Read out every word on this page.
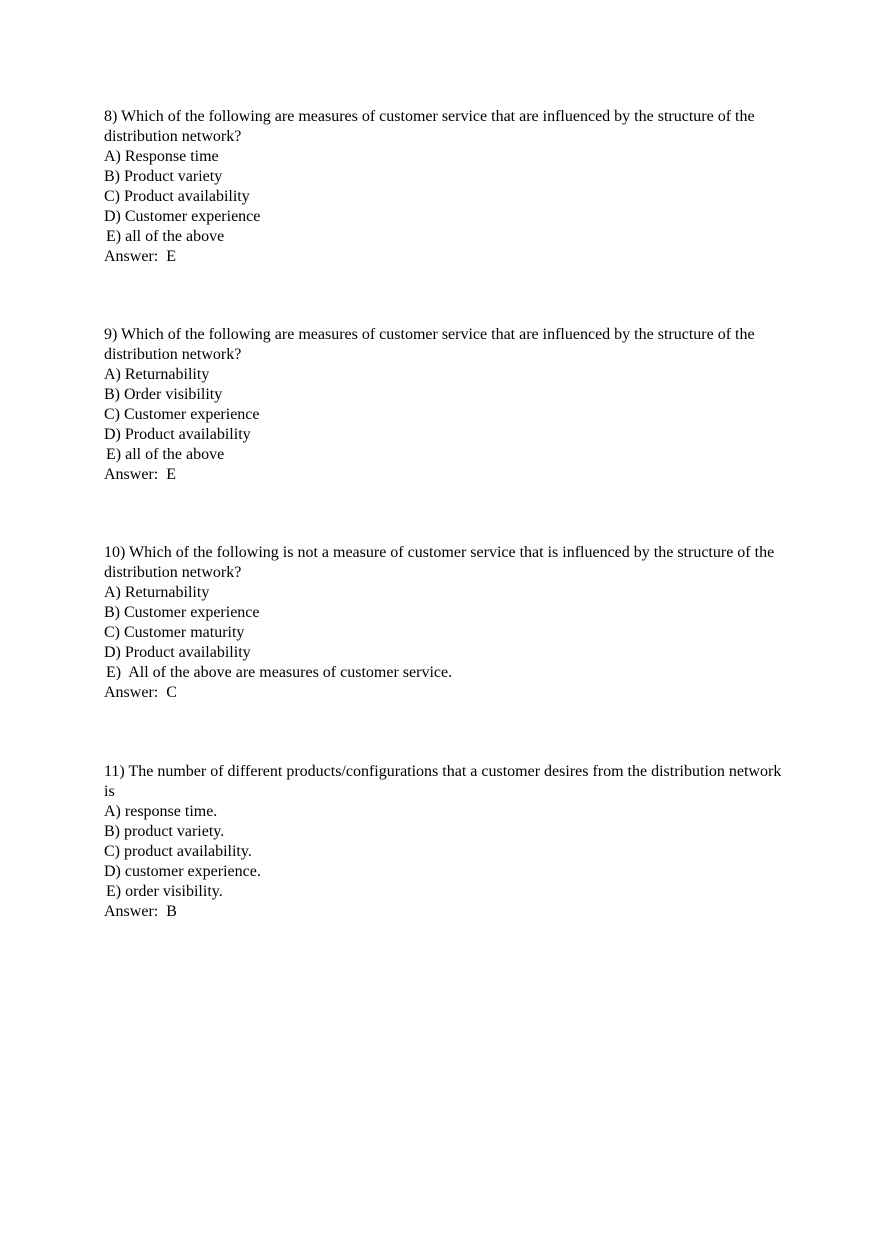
8) Which of the following are measures of customer service that are influenced by the structure of the distribution network?

A) Response time

B) Product variety

C) Product availability

D) Customer experience

E) all of the above

Answer:  E

9) Which of the following are measures of customer service that are influenced by the structure of the distribution network?

A) Returnability

B) Order visibility

C) Customer experience

D) Product availability

E) all of the above

Answer:  E

10) Which of the following is not a measure of customer service that is influenced by the structure of the distribution network?

A) Returnability

B) Customer experience

C) Customer maturity

D) Product availability

E)  All of the above are measures of customer service.

Answer:  C

11) The number of different products/configurations that a customer desires from the distribution network is

A) response time.

B) product variety.

C) product availability.

D) customer experience.

E) order visibility.

Answer:  B
